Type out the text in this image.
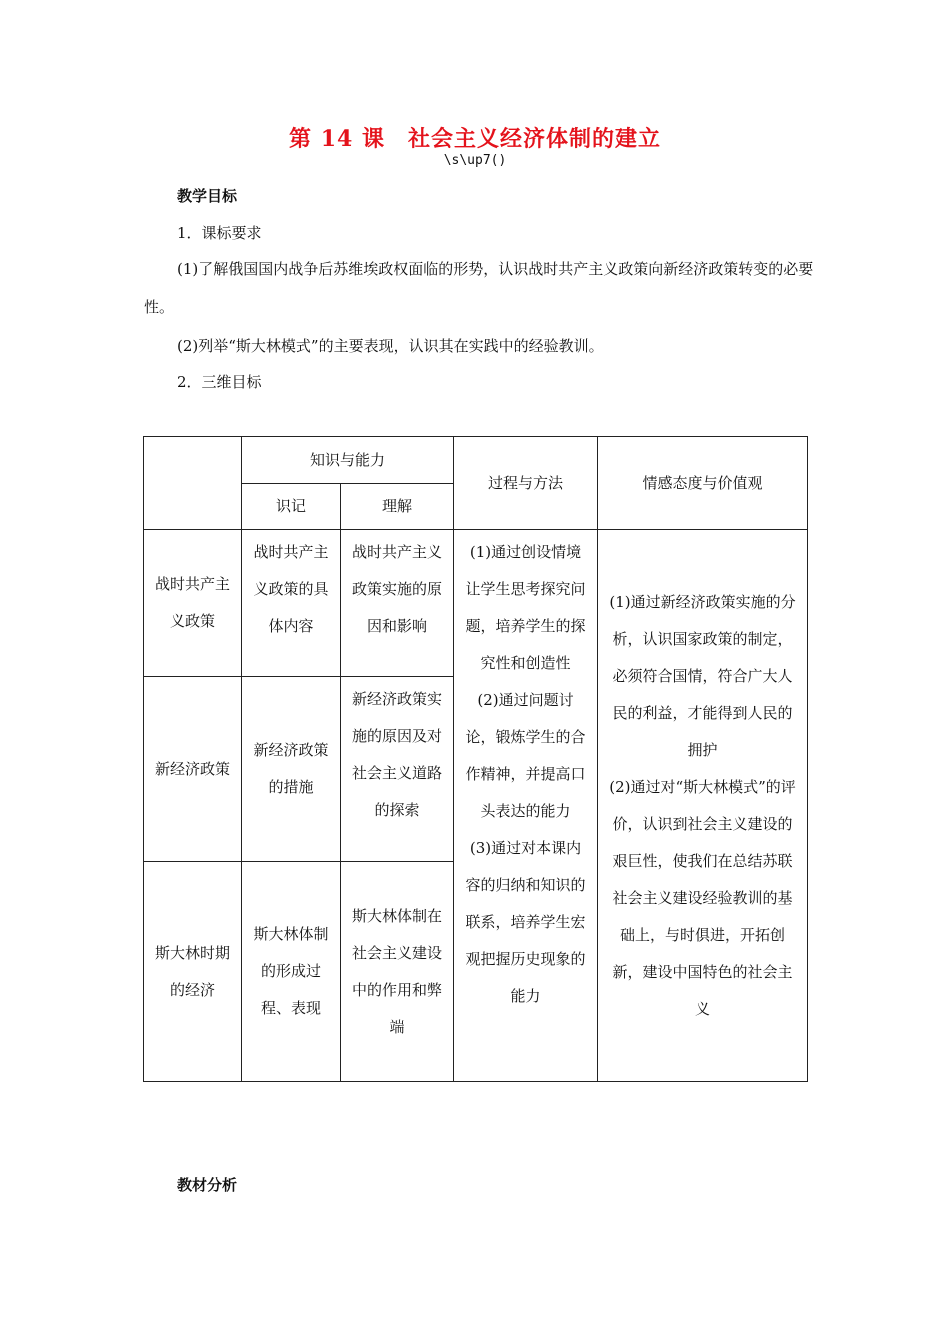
第 14 课　社会主义经济体制的建立
\s\up7()
教学目标
1．课标要求
(1)了解俄国国内战争后苏维埃政权面临的形势，认识战时共产主义政策向新经济政策转变的必要性。
(2)列举“斯大林模式”的主要表现，认识其在实践中的经验教训。
2．三维目标
	知识与能力		过程与方法	情感态度与价值观
	识记	理解		
战时共产主义政策	战时共产主义政策的具体内容	战时共产主义政策实施的原因和影响	(1)通过创设情境让学生思考探究问题，培养学生的探究性和创造性
(2)通过问题讨论，锻炼学生的合作精神，并提高口头表达的能力
(3)通过对本课内容的归纳和知识的联系，培养学生宏观把握历史现象的能力	(1)通过新经济政策实施的分析，认识国家政策的制定，必须符合国情，符合广大人民的利益，才能得到人民的拥护
(2)通过对“斯大林模式”的评价，认识到社会主义建设的艰巨性，使我们在总结苏联社会主义建设经验教训的基础上，与时俱进，开拓创新，建设中国特色的社会主义
新经济政策	新经济政策的措施	新经济政策实施的原因及对社会主义道路的探索		
斯大林时期的经济	斯大林体制的形成过程、表现	斯大林体制在社会主义建设中的作用和弊端		
教材分析
